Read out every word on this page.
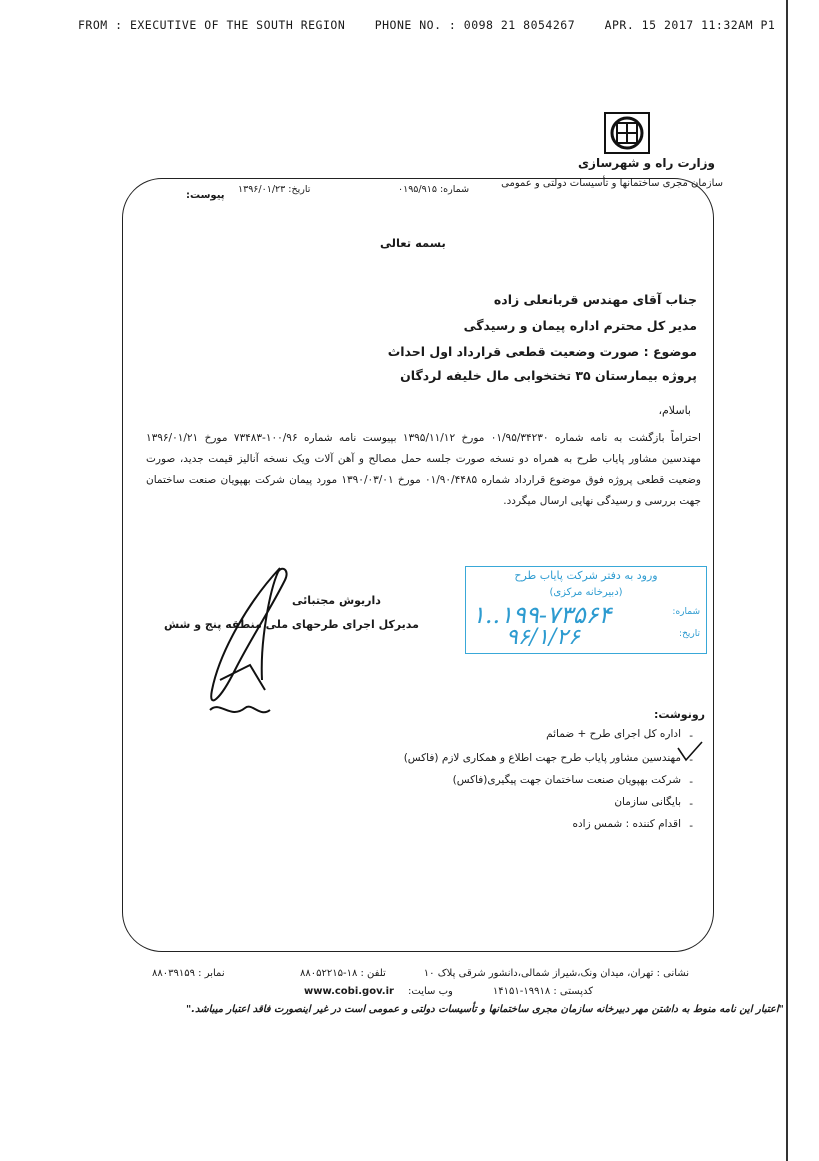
FROM : EXECUTIVE OF THE SOUTH REGION	PHONE NO. : 0098 21 8054267	APR. 15 2017 11:32AM P1
وزارت راه و شهرسازی
سازمان مجری ساختمانها و تأسیسات دولتی و عمومی
شماره: ۰۱۹۵/۹۱۵
تاریخ: ۱۳۹۶/۰۱/۲۳
پیوست:
بسمه تعالی
جناب آقای مهندس قربانعلی زاده
مدیر کل محترم اداره پیمان و رسیدگی
موضوع : صورت وضعیت قطعی قرارداد اول احداث
پروژه بیمارستان ۳۵ تختخوابی مال خلیفه لردگان
باسلام،
احتراماً بازگشت به نامه شماره ۰۱/۹۵/۳۴۲۳۰ مورخ ۱۳۹۵/۱۱/۱۲ بپیوست نامه شماره ۱۰۰/۹۶-۷۳۴۸۳ مورخ ۱۳۹۶/۰۱/۲۱ مهندسین مشاور پایاب طرح به همراه دو نسخه صورت جلسه حمل مصالح و آهن آلات ویک نسخه آنالیز قیمت جدید، صورت وضعیت قطعی پروژه فوق موضوع قرارداد شماره ۰۱/۹۰/۴۴۸۵ مورخ ۱۳۹۰/۰۳/۰۱ مورد پیمان شرکت بهپویان صنعت ساختمان جهت بررسی و رسیدگی نهایی ارسال میگردد.
داریوش مجتبائی
مدیرکل اجرای طرحهای ملی منطقه پنج و شش
ورود به دفتر شرکت پایاب طرح
(دبیرخانه مرکزی)
شماره:
۱..۱۹۹-۷۳۵۶۴
تاریخ:
۹۶/۱/۲۶
رونوشت:
-
اداره کل اجرای طرح + ضمائم
-
مهندسین مشاور پایاب طرح جهت اطلاع و همکاری لازم (فاکس)
-
شرکت بهپویان صنعت ساختمان جهت پیگیری(فاکس)
-
بایگانی سازمان
-
اقدام کننده : شمس زاده
نشانی : تهران، میدان ونک،شیراز شمالی،دانشور شرقی پلاک ۱۰
تلفن : ۱۸-۸۸۰۵۲۲۱۵
نمابر : ۸۸۰۳۹۱۵۹
کدپستی : ۱۹۹۱۸-۱۴۱۵۱
وب سایت:
www.cobi.gov.ir
"اعتبار این نامه منوط به داشتن مهر دبیرخانه سازمان مجری ساختمانها و تأسیسات دولتی و عمومی است در غیر اینصورت فاقد اعتبار میباشد."
